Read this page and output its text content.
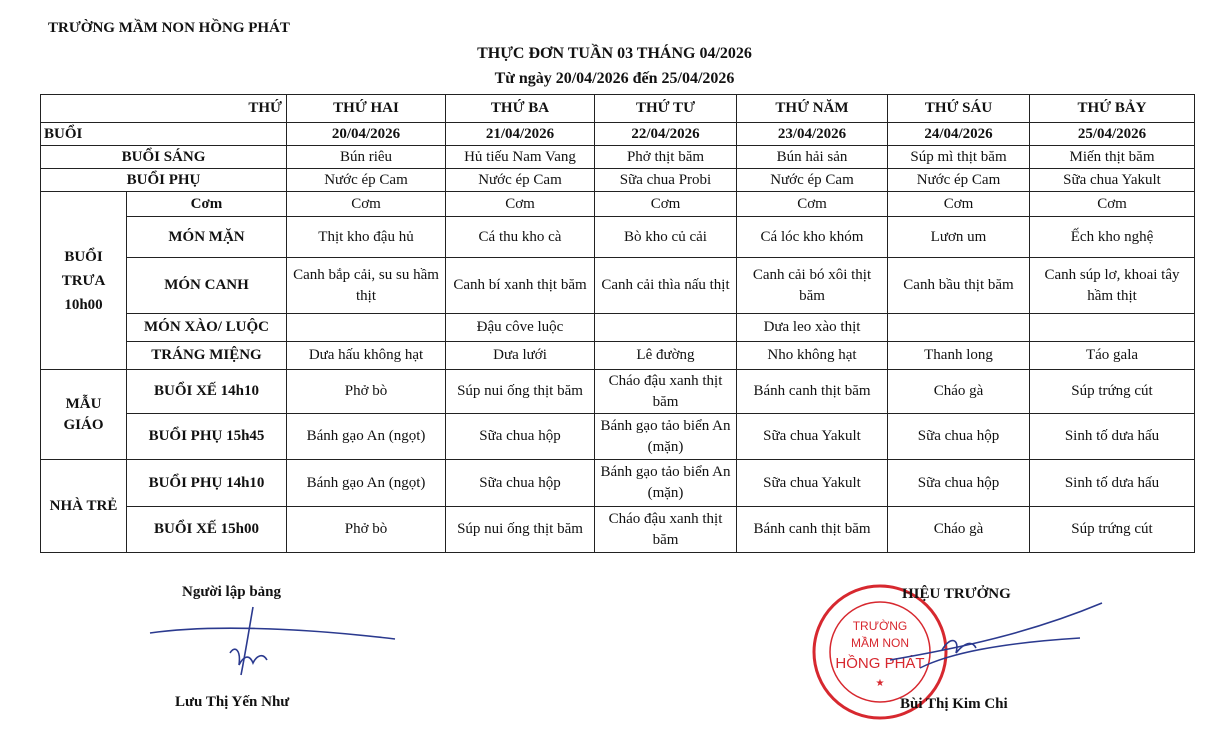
TRƯỜNG MẦM NON HỒNG PHÁT
THỰC ĐƠN TUẦN 03 THÁNG 04/2026
Từ ngày 20/04/2026 đến 25/04/2026
THỨ		THỨ HAI	THỨ BA	THỨ TƯ	THỨ NĂM	THỨ SÁU	THỨ BẢY
BUỔI		20/04/2026	21/04/2026	22/04/2026	23/04/2026	24/04/2026	25/04/2026
BUỔI SÁNG		Bún riêu	Hủ tiếu Nam Vang	Phở thịt băm	Bún hải sản	Súp mì thịt băm	Miến thịt băm
BUỔI PHỤ		Nước ép Cam	Nước ép Cam	Sữa chua Probi	Nước ép Cam	Nước ép Cam	Sữa chua Yakult
BUỔI TRƯA 10h00	Cơm	Cơm	Cơm	Cơm	Cơm	Cơm	Cơm
	MÓN MẶN	Thịt kho đậu hủ	Cá thu kho cà	Bò kho củ cải	Cá lóc kho khóm	Lươn um	Ếch kho nghệ
	MÓN CANH	Canh bắp cải, su su hầm thịt	Canh bí xanh thịt băm	Canh cải thìa nấu thịt	Canh cải bó xôi thịt băm	Canh bầu thịt băm	Canh súp lơ, khoai tây hầm thịt
	MÓN XÀO/ LUỘC		Đậu côve luộc		Dưa leo xào thịt		
	TRÁNG MIỆNG	Dưa hấu không hạt	Dưa lưới	Lê đường	Nho không hạt	Thanh long	Táo gala
MẪU GIÁO	BUỔI XẾ 14h10	Phở bò	Súp nui ống thịt băm	Cháo đậu xanh thịt băm	Bánh canh thịt băm	Cháo gà	Súp trứng cút
	BUỔI PHỤ 15h45	Bánh gạo An (ngọt)	Sữa chua hộp	Bánh gạo tảo biển An (mặn)	Sữa chua Yakult	Sữa chua hộp	Sinh tố dưa hấu
NHÀ TRẺ	BUỔI PHỤ 14h10	Bánh gạo An (ngọt)	Sữa chua hộp	Bánh gạo tảo biển An (mặn)	Sữa chua Yakult	Sữa chua hộp	Sinh tố dưa hấu
	BUỔI XẾ 15h00	Phở bò	Súp nui ống thịt băm	Cháo đậu xanh thịt băm	Bánh canh thịt băm	Cháo gà	Súp trứng cút
Người lập bảng
Lưu Thị Yến Như
TRƯỜNG
MẦM NON
HỒNG PHÁT
★
HIỆU TRƯỞNG
Bùi Thị Kim Chi
